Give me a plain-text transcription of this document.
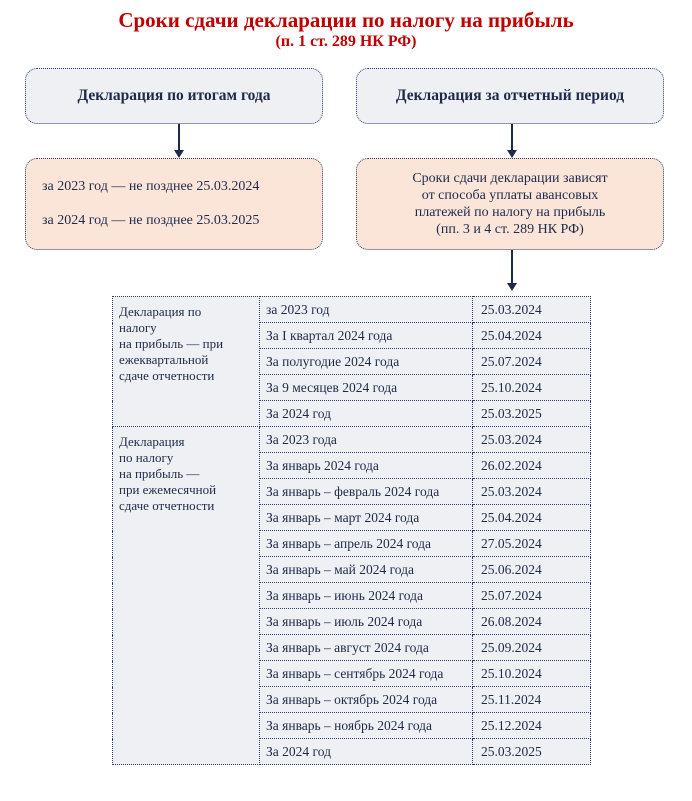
Сроки сдачи декларации по налогу на прибыль
(п. 1 ст. 289 НК РФ)
Декларация по итогам года	Декларация за отчетный период
за 2023 год — не позднее 25.03.2024
за 2024 год — не позднее 25.03.2025
Сроки сдачи декларации зависят
от способа уплаты авансовых
платежей по налогу на прибыль
(пп. 3 и 4 ст. 289 НК РФ)
Декларация по
налогу
на прибыль — при
ежеквартальной
сдаче отчетности	за 2023 год	25.03.2024
	За I квартал 2024 года	25.04.2024
	За полугодие 2024 года	25.07.2024
	За 9 месяцев 2024 года	25.10.2024
	За 2024 год	25.03.2025

Декларация
по налогу
на прибыль —
при ежемесячной
сдаче отчетности	За 2023 года	25.03.2024
	За январь 2024 года	26.02.2024
	За январь – февраль 2024 года	25.03.2024
	За январь – март 2024 года	25.04.2024
	За январь – апрель 2024 года	27.05.2024
	За январь – май 2024 года	25.06.2024
	За январь – июнь 2024 года	25.07.2024
	За январь – июль 2024 года	26.08.2024
	За январь – август 2024 года	25.09.2024
	За январь – сентябрь 2024 года	25.10.2024
	За январь – октябрь 2024 года	25.11.2024
	За январь – ноябрь 2024 года	25.12.2024
	За 2024 год	25.03.2025
